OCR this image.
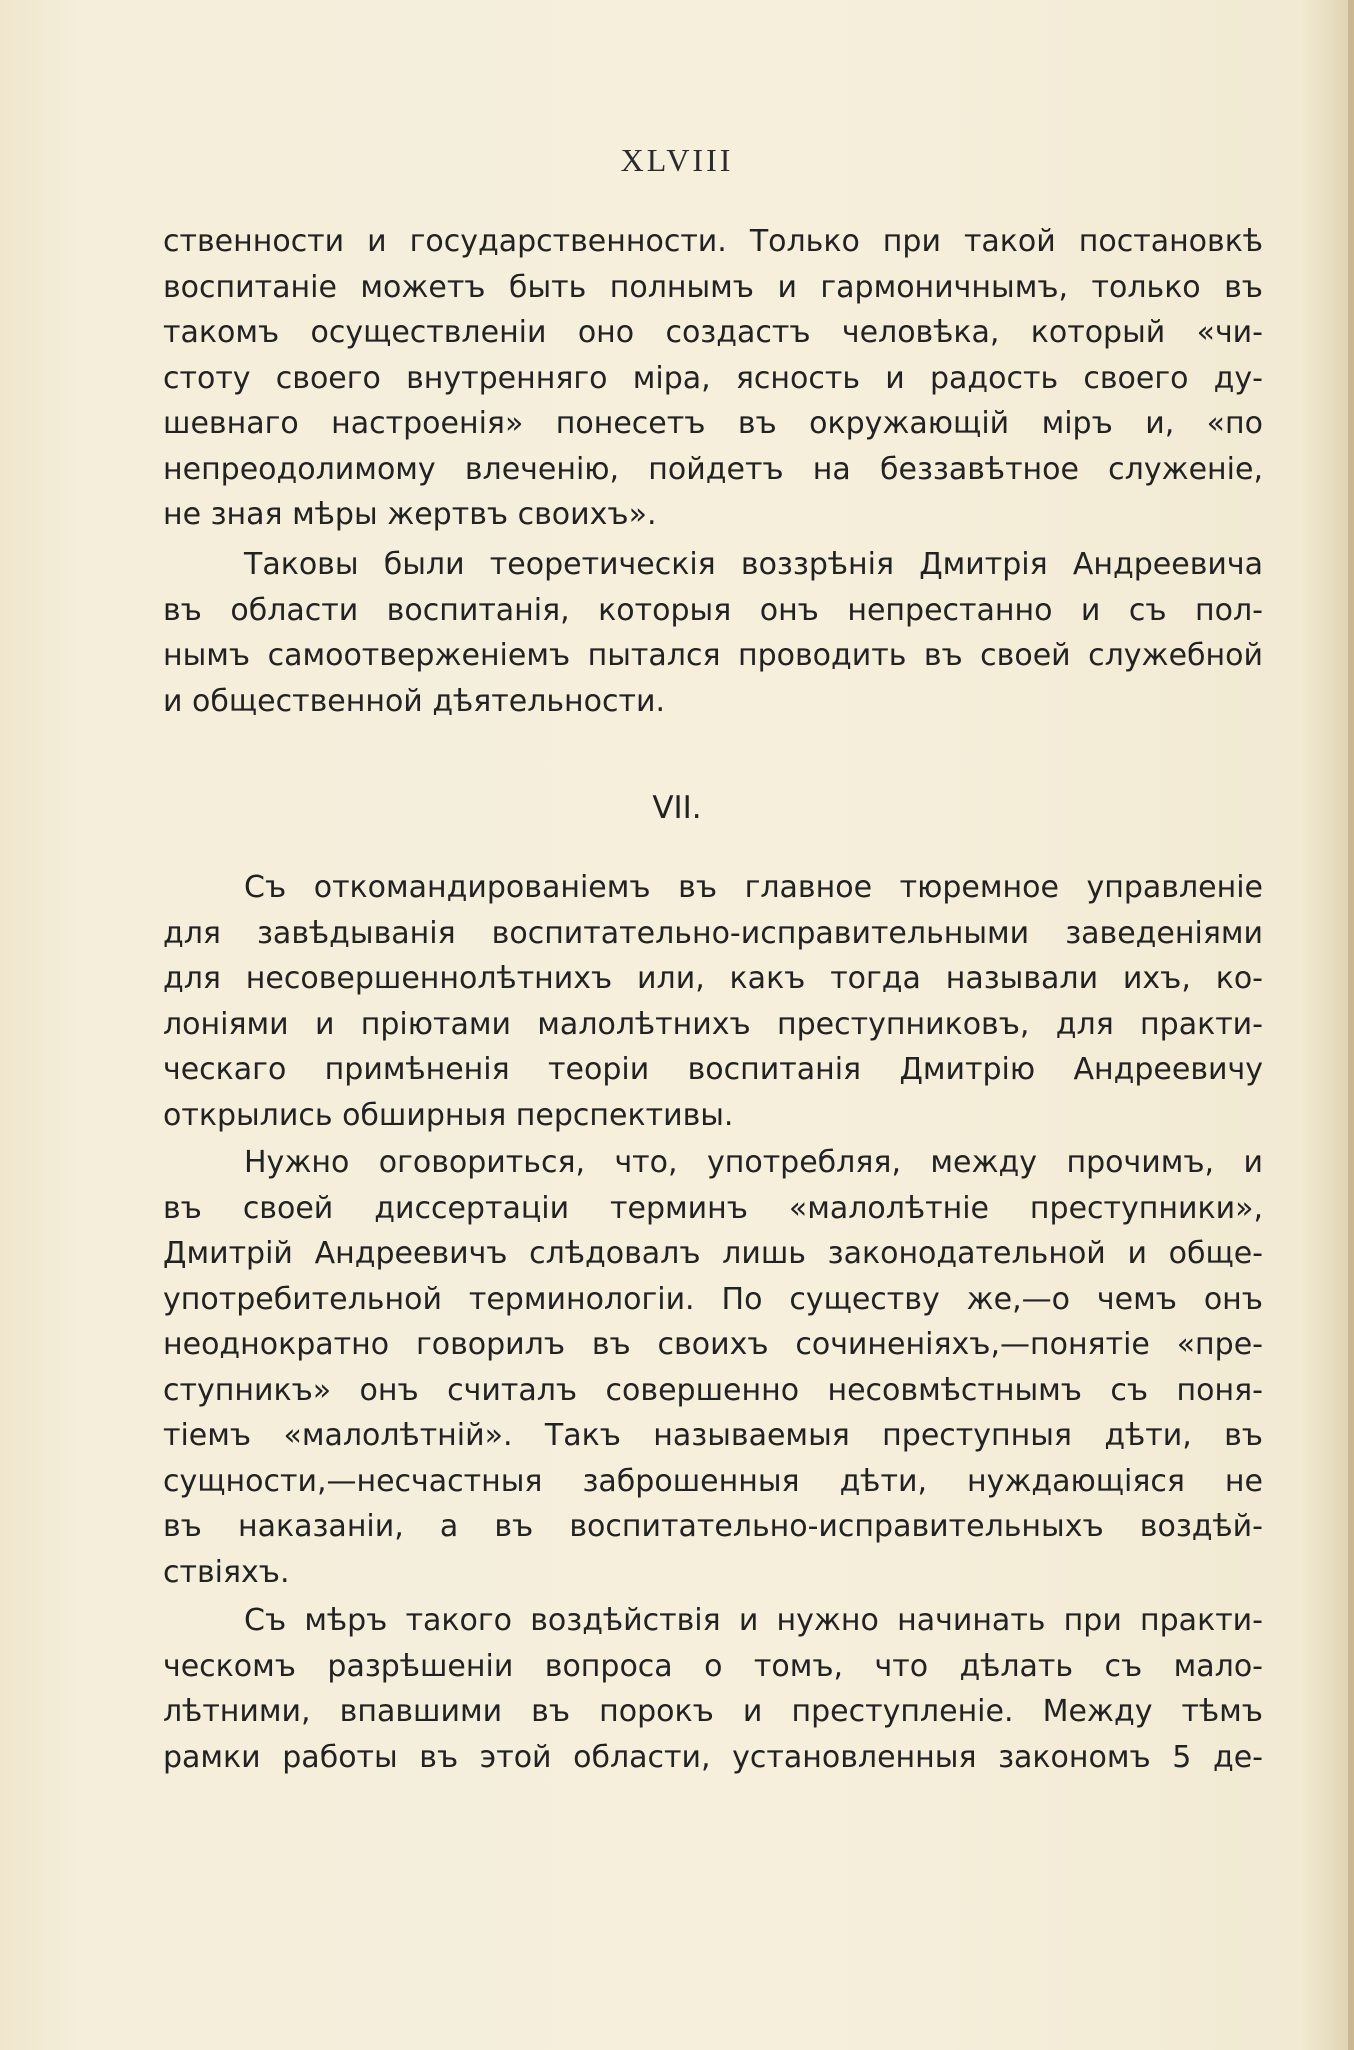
XLVIII
ственности и государственности. Только при такой постановкѣ
воспитаніе можетъ быть полнымъ и гармоничнымъ, только въ
такомъ осуществленіи оно создастъ человѣка, который «чи-
стоту своего внутренняго міра, ясность и радость своего ду-
шевнаго настроенія» понесетъ въ окружающій міръ и, «по
непреодолимому влеченію, пойдетъ на беззавѣтное служеніе,
не зная мѣры жертвъ своихъ».
Таковы были теоретическія воззрѣнія Дмитрія Андреевича
въ области воспитанія, которыя онъ непрестанно и съ пол-
нымъ самоотверженіемъ пытался проводить въ своей служебной
и общественной дѣятельности.
VII.
Съ откомандированіемъ въ главное тюремное управленіе
для завѣдыванія воспитательно-исправительными заведеніями
для несовершеннолѣтнихъ или, какъ тогда называли ихъ, ко-
лоніями и пріютами малолѣтнихъ преступниковъ, для практи-
ческаго примѣненія теоріи воспитанія Дмитрію Андреевичу
открылись обширныя перспективы.
Нужно оговориться, что, употребляя, между прочимъ, и
въ своей диссертаціи терминъ «малолѣтніе преступники»,
Дмитрій Андреевичъ слѣдовалъ лишь законодательной и обще-
употребительной терминологіи. По существу же,—о чемъ онъ
неоднократно говорилъ въ своихъ сочиненіяхъ,—понятіе «пре-
ступникъ» онъ считалъ совершенно несовмѣстнымъ съ поня-
тіемъ «малолѣтній». Такъ называемыя преступныя дѣти, въ
сущности,—несчастныя заброшенныя дѣти, нуждающіяся не
въ наказаніи, а въ воспитательно-исправительныхъ воздѣй-
ствіяхъ.
Съ мѣръ такого воздѣйствія и нужно начинать при практи-
ческомъ разрѣшеніи вопроса о томъ, что дѣлать съ мало-
лѣтними, впавшими въ порокъ и преступленіе. Между тѣмъ
рамки работы въ этой области, установленныя закономъ 5 де-
